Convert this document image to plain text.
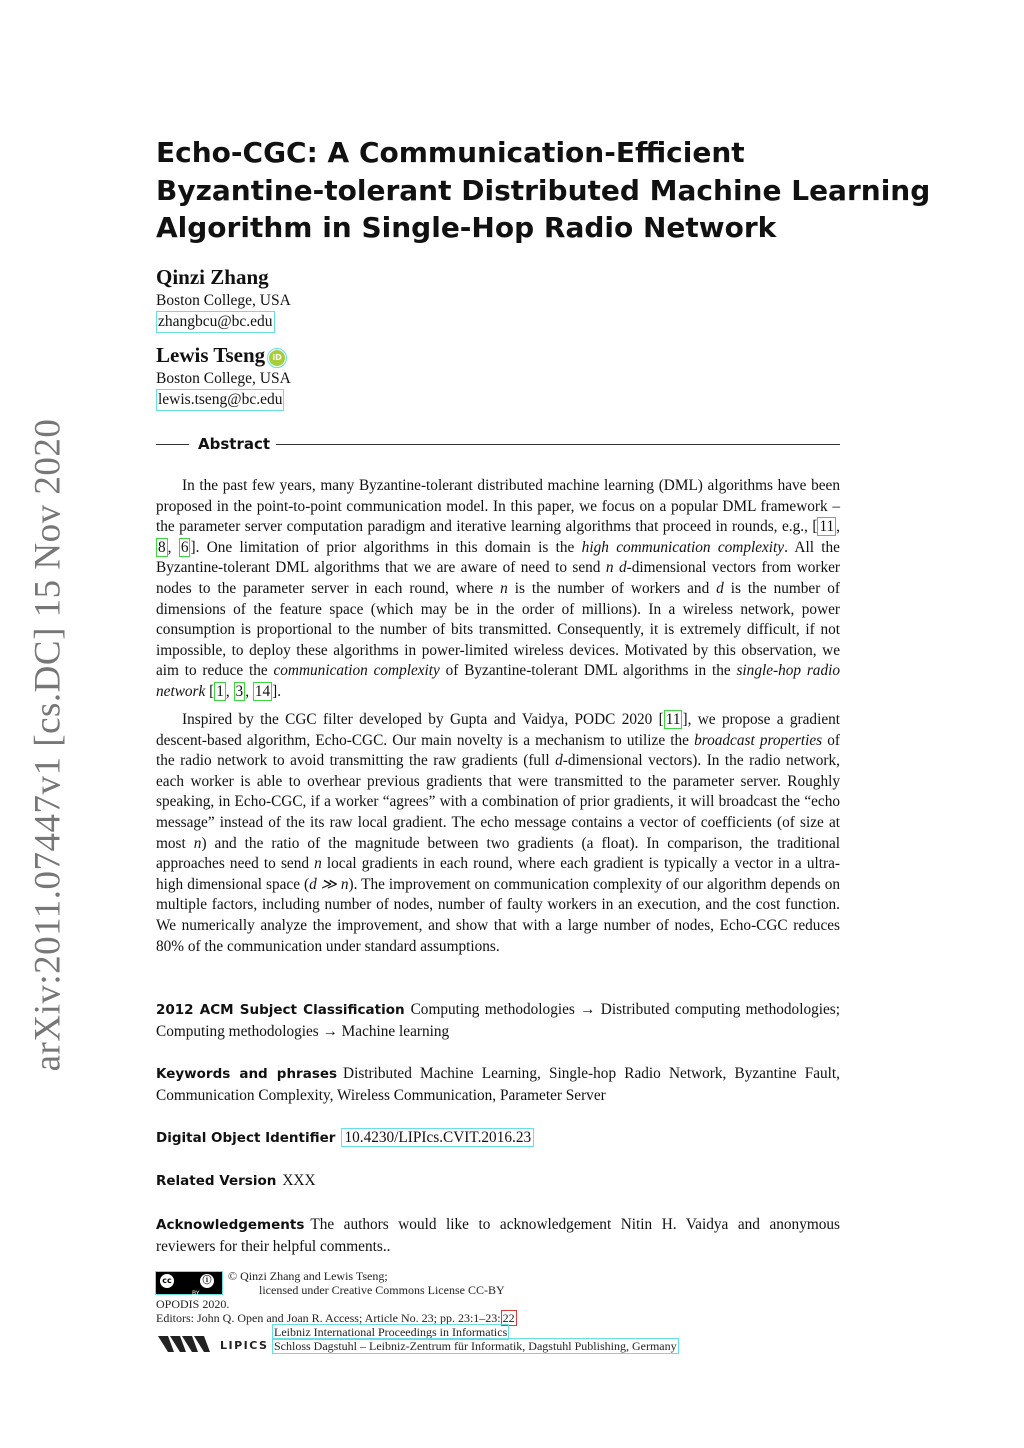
arXiv:2011.07447v1 [cs.DC] 15 Nov 2020
Echo-CGC: A Communication-Efficient
Byzantine-tolerant Distributed Machine Learning
Algorithm in Single-Hop Radio Network
Qinzi Zhang
Boston College, USA
zhangbcu@bc.edu
Lewis Tseng iD
Boston College, USA
lewis.tseng@bc.edu
Abstract

In the past few years, many Byzantine-tolerant distributed machine learning (DML) algorithms have been proposed in the point-to-point communication model. In this paper, we focus on a popular DML framework – the parameter server computation paradigm and iterative learning algorithms that proceed in rounds, e.g., [ 11 , 8 , 6 ]. One limitation of prior algorithms in this domain is the high communication complexity. All the Byzantine-tolerant DML algorithms that we are aware of need to send n d-dimensional vectors from worker nodes to the parameter server in each round, where n is the number of workers and d is the number of dimensions of the feature space (which may be in the order of millions). In a wireless network, power consumption is proportional to the number of bits transmitted. Consequently, it is extremely difficult, if not impossible, to deploy these algorithms in power-limited wireless devices. Motivated by this observation, we aim to reduce the communication complexity of Byzantine-tolerant DML algorithms in the single-hop radio network [ 1 , 3 , 14 ].

Inspired by the CGC filter developed by Gupta and Vaidya, PODC 2020 [ 11 ], we propose a gradient descent-based algorithm, Echo-CGC. Our main novelty is a mechanism to utilize the broadcast properties of the radio network to avoid transmitting the raw gradients (full d-dimensional vectors). In the radio network, each worker is able to overhear previous gradients that were transmitted to the parameter server. Roughly speaking, in Echo-CGC, if a worker “agrees” with a combination of prior gradients, it will broadcast the “echo message” instead of the its raw local gradient. The echo message contains a vector of coefficients (of size at most n) and the ratio of the magnitude between two gradients (a float). In comparison, the traditional approaches need to send n local gradients in each round, where each gradient is typically a vector in a ultra-high dimensional space (d ≫ n). The improvement on communication complexity of our algorithm depends on multiple factors, including number of nodes, number of faulty workers in an execution, and the cost function. We numerically analyze the improvement, and show that with a large number of nodes, Echo-CGC reduces 80% of the communication under standard assumptions.

2012 ACM Subject Classification Computing methodologies → Distributed computing methodologies; Computing methodologies → Machine learning
Keywords and phrases Distributed Machine Learning, Single-hop Radio Network, Byzantine Fault, Communication Complexity, Wireless Communication, Parameter Server
Digital Object Identifier 10.4230/LIPIcs.CVIT.2016.23
Related Version XXX
Acknowledgements The authors would like to acknowledgement Nitin H. Vaidya and anonymous reviewers for their helpful comments..
cc	ⓘ
BY
© Qinzi Zhang and Lewis Tseng;
licensed under Creative Commons License CC-BY
OPODIS 2020.
Editors: John Q. Open and Joan R. Access; Article No. 23; pp. 23:1–23: 22
LIPICS
Leibniz International Proceedings in Informatics
Schloss Dagstuhl – Leibniz-Zentrum für Informatik, Dagstuhl Publishing, Germany
